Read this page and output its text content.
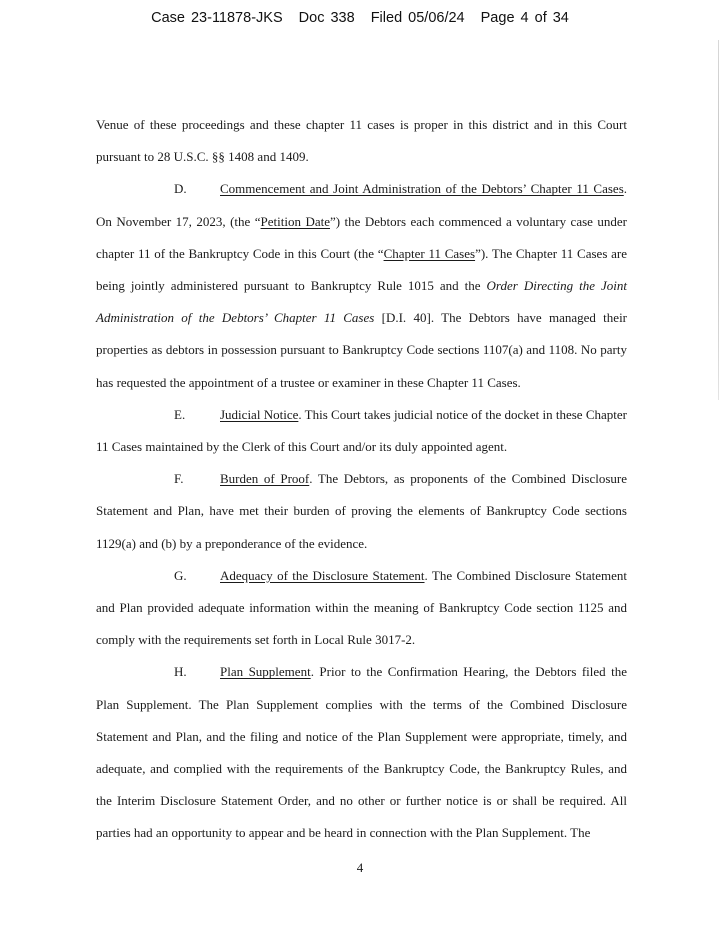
Case 23-11878-JKS Doc 338 Filed 05/06/24 Page 4 of 34

Venue of these proceedings and these chapter 11 cases is proper in this district and in this Court pursuant to 28 U.S.C. §§ 1408 and 1409.

D.	Commencement and Joint Administration of the Debtors’ Chapter 11 Cases. On November 17, 2023, (the “Petition Date”) the Debtors each commenced a voluntary case under chapter 11 of the Bankruptcy Code in this Court (the “Chapter 11 Cases”). The Chapter 11 Cases are being jointly administered pursuant to Bankruptcy Rule 1015 and the Order Directing the Joint Administration of the Debtors’ Chapter 11 Cases [D.I. 40]. The Debtors have managed their properties as debtors in possession pursuant to Bankruptcy Code sections 1107(a) and 1108. No party has requested the appointment of a trustee or examiner in these Chapter 11 Cases.

E.	Judicial Notice. This Court takes judicial notice of the docket in these Chapter 11 Cases maintained by the Clerk of this Court and/or its duly appointed agent.

F.	Burden of Proof. The Debtors, as proponents of the Combined Disclosure Statement and Plan, have met their burden of proving the elements of Bankruptcy Code sections 1129(a) and (b) by a preponderance of the evidence.

G.	Adequacy of the Disclosure Statement. The Combined Disclosure Statement and Plan provided adequate information within the meaning of Bankruptcy Code section 1125 and comply with the requirements set forth in Local Rule 3017-2.

H.	Plan Supplement. Prior to the Confirmation Hearing, the Debtors filed the Plan Supplement. The Plan Supplement complies with the terms of the Combined Disclosure Statement and Plan, and the filing and notice of the Plan Supplement were appropriate, timely, and adequate, and complied with the requirements of the Bankruptcy Code, the Bankruptcy Rules, and the Interim Disclosure Statement Order, and no other or further notice is or shall be required. All parties had an opportunity to appear and be heard in connection with the Plan Supplement. The

4
